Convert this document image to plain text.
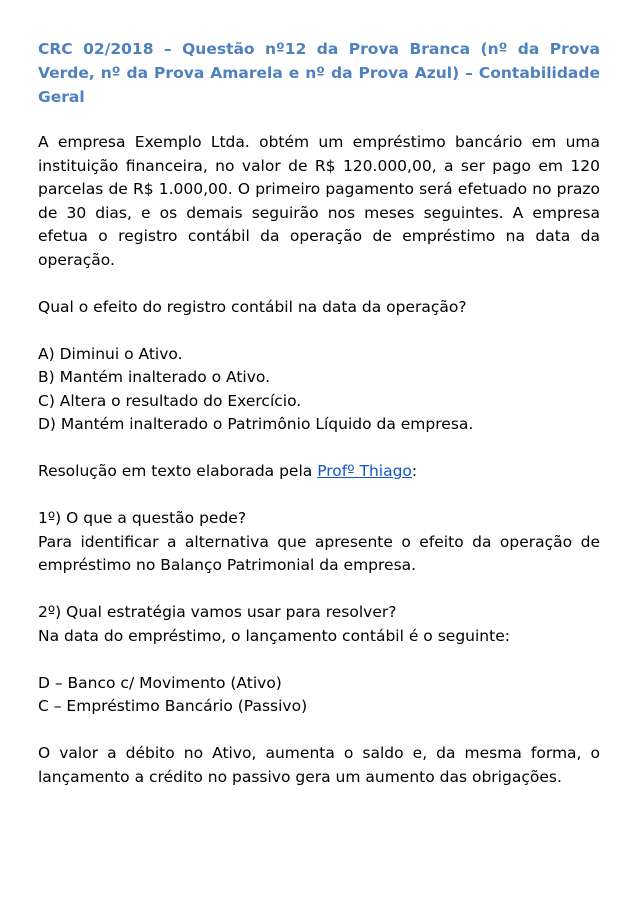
CRC 02/2018 – Questão nº12 da Prova Branca (nº da Prova Verde, nº da Prova Amarela e nº da Prova Azul) – Contabilidade Geral

A empresa Exemplo Ltda. obtém um empréstimo bancário em uma instituição financeira, no valor de R$ 120.000,00, a ser pago em 120 parcelas de R$ 1.000,00. O primeiro pagamento será efetuado no prazo de 30 dias, e os demais seguirão nos meses seguintes. A empresa efetua o registro contábil da operação de empréstimo na data da operação.

Qual o efeito do registro contábil na data da operação?

A) Diminui o Ativo.

B) Mantém inalterado o Ativo.

C) Altera o resultado do Exercício.

D) Mantém inalterado o Patrimônio Líquido da empresa.

Resolução em texto elaborada pela Profº Thiago:

1º) O que a questão pede?

Para identificar a alternativa que apresente o efeito da operação de empréstimo no Balanço Patrimonial da empresa.

2º) Qual estratégia vamos usar para resolver?

Na data do empréstimo, o lançamento contábil é o seguinte:

D – Banco c/ Movimento (Ativo)

C – Empréstimo Bancário (Passivo)

O valor a débito no Ativo, aumenta o saldo e, da mesma forma, o lançamento a crédito no passivo gera um aumento das obrigações.
